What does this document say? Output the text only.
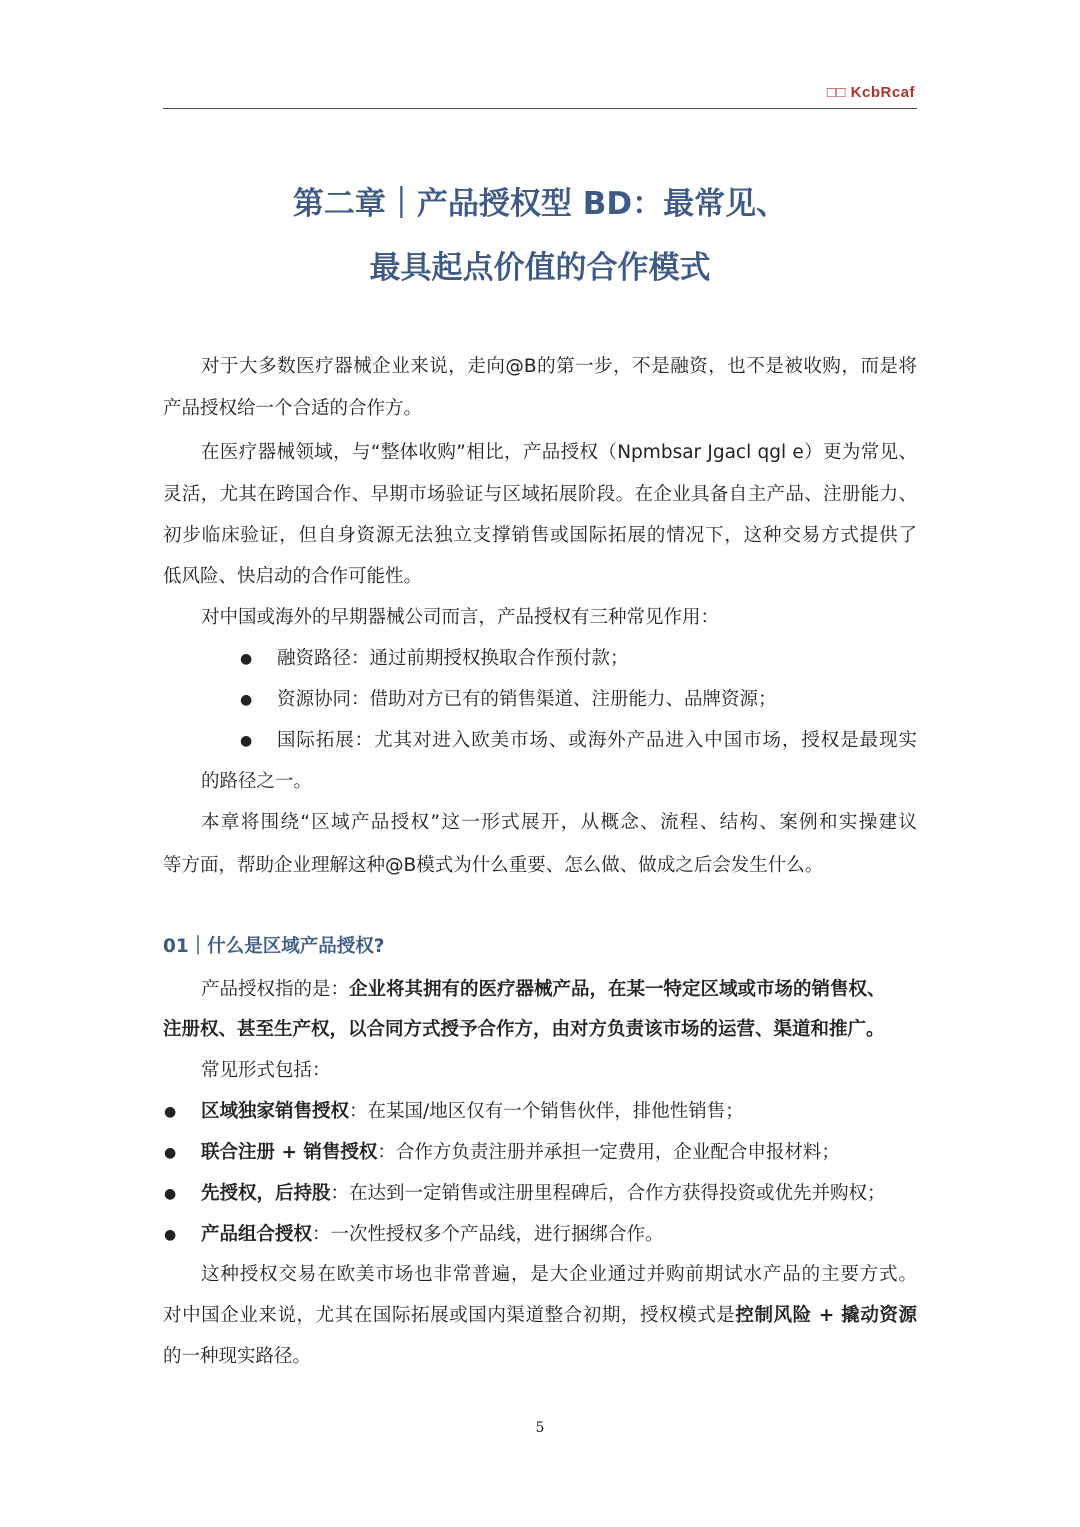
□□ KcbRcaf
第二章｜产品授权型 BD：最常见、
最具起点价值的合作模式
对于大多数医疗器械企业来说，走向@B的第一步，不是融资，也不是被收购，而是将
产品授权给一个合适的合作方。
在医疗器械领域，与“整体收购”相比，产品授权（Npmbsar Jgacl qgl e）更为常见、
灵活，尤其在跨国合作、早期市场验证与区域拓展阶段。在企业具备自主产品、注册能力、
初步临床验证，但自身资源无法独立支撑销售或国际拓展的情况下，这种交易方式提供了
低风险、快启动的合作可能性。
对中国或海外的早期器械公司而言，产品授权有三种常见作用：
● 融资路径：通过前期授权换取合作预付款；
● 资源协同：借助对方已有的销售渠道、注册能力、品牌资源；
● 国际拓展：尤其对进入欧美市场、或海外产品进入中国市场，授权是最现实
的路径之一。
本章将围绕“区域产品授权”这一形式展开，从概念、流程、结构、案例和实操建议
等方面，帮助企业理解这种@B模式为什么重要、怎么做、做成之后会发生什么。
01｜什么是区域产品授权?
产品授权指的是：企业将其拥有的医疗器械产品，在某一特定区域或市场的销售权、
注册权、甚至生产权，以合同方式授予合作方，由对方负责该市场的运营、渠道和推广。
常见形式包括：
● 区域独家销售授权：在某国/地区仅有一个销售伙伴，排他性销售；
● 联合注册 + 销售授权：合作方负责注册并承担一定费用，企业配合申报材料；
● 先授权，后持股：在达到一定销售或注册里程碑后，合作方获得投资或优先并购权；
● 产品组合授权：一次性授权多个产品线，进行捆绑合作。
这种授权交易在欧美市场也非常普遍，是大企业通过并购前期试水产品的主要方式。
对中国企业来说，尤其在国际拓展或国内渠道整合初期，授权模式是控制风险 + 撬动资源
的一种现实路径。
5
